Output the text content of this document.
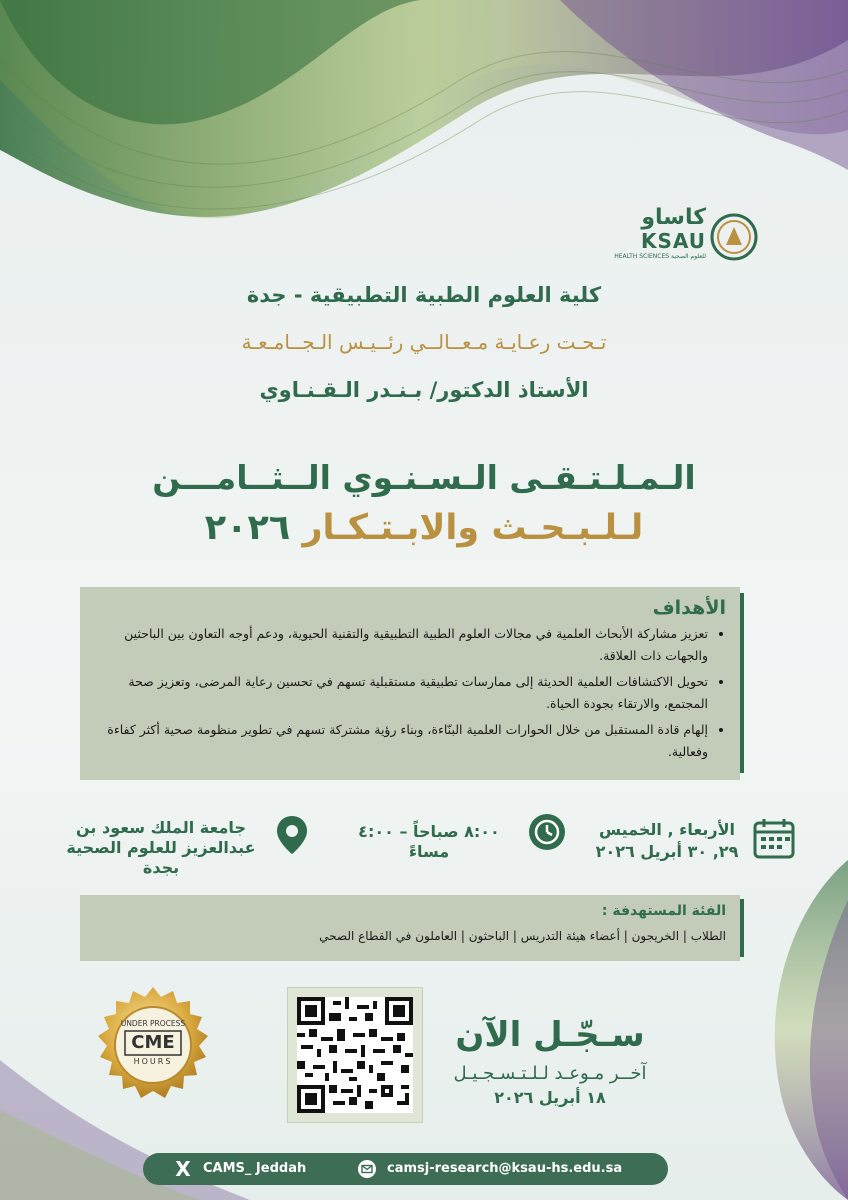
كاساو
KSAU
HEALTH SCIENCES للعلوم الصحية
كلية العلوم الطبية التطبيقية - جدة
تـحـت رعـايـة مـعــالــي رئــيـس الـجــامـعـة
الأستاذ الدكتور/ بـنـدر الـقـنـاوي
الـمـلـتـقـى الـسـنـوي الــثــامـــن
لـلـبـحـث والابـتـكـار ٢٠٢٦
الأهداف
• تعزيز مشاركة الأبحاث العلمية في مجالات العلوم الطبية التطبيقية والتقنية الحيوية، ودعم أوجه التعاون بين الباحثين والجهات ذات العلاقة.
• تحويل الاكتشافات العلمية الحديثة إلى ممارسات تطبيقية مستقبلية تسهم في تحسين رعاية المرضى، وتعزيز صحة المجتمع، والارتقاء بجودة الحياة.
• إلهام قادة المستقبل من خلال الحوارات العلمية البنّاءة، وبناء رؤية مشتركة تسهم في تطوير منظومة صحية أكثر كفاءة وفعالية.
الأربعاء , الخميس
٢٩, ٣٠ أبريل ٢٠٢٦
٨:٠٠ صباحاً – ٤:٠٠ مساءً
جامعة الملك سعود بن
عبدالعزيز للعلوم الصحية بجدة
الفئة المستهدفة :
الطلاب | الخريجون | أعضاء هيئة التدريس | الباحثون | العاملون في القطاع الصحي
UNDER PROCESS
CME
HOURS
سـجّـل الآن
آخــر مـوعـد لـلـتـسـجـيـل
١٨ أبريل ٢٠٢٦
X CAMS_ Jeddah	camsj-research@ksau-hs.edu.sa
